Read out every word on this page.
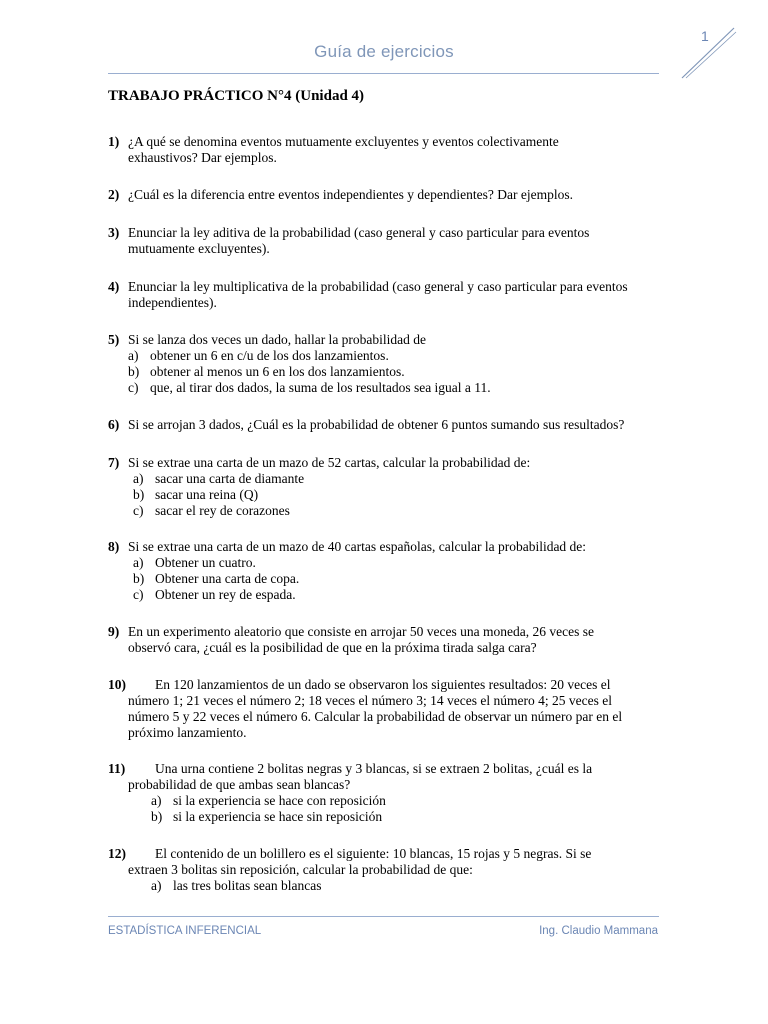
Guía de ejercicios
1
TRABAJO PRÁCTICO N°4 (Unidad 4)
1) ¿A qué se denomina eventos mutuamente excluyentes y eventos colectivamente
exhaustivos? Dar ejemplos.
2) ¿Cuál es la diferencia entre eventos independientes y dependientes? Dar ejemplos.
3) Enunciar la ley aditiva de la probabilidad (caso general y caso particular para eventos
mutuamente excluyentes).
4) Enunciar la ley multiplicativa de la probabilidad (caso general y caso particular para eventos
independientes).
5) Si se lanza dos veces un dado, hallar la probabilidad de
a) obtener un 6 en c/u de los dos lanzamientos.
b) obtener al menos un 6 en los dos lanzamientos.
c) que, al tirar dos dados, la suma de los resultados sea igual a 11.
6) Si se arrojan 3 dados, ¿Cuál es la probabilidad de obtener 6 puntos sumando sus resultados?
7) Si se extrae una carta de un mazo de 52 cartas, calcular la probabilidad de:
a) sacar una carta de diamante
b) sacar una reina (Q)
c) sacar el rey de corazones
8) Si se extrae una carta de un mazo de 40 cartas españolas, calcular la probabilidad de:
a) Obtener un cuatro.
b) Obtener una carta de copa.
c) Obtener un rey de espada.
9) En un experimento aleatorio que consiste en arrojar 50 veces una moneda, 26 veces se
observó cara, ¿cuál es la posibilidad de que en la próxima tirada salga cara?
10) En 120 lanzamientos de un dado se observaron los siguientes resultados: 20 veces el
número 1; 21 veces el número 2; 18 veces el número 3; 14 veces el número 4; 25 veces el
número 5 y 22 veces el número 6. Calcular la probabilidad de observar un número par en el
próximo lanzamiento.
11) Una urna contiene 2 bolitas negras y 3 blancas, si se extraen 2 bolitas, ¿cuál es la
probabilidad de que ambas sean blancas?
a) si la experiencia se hace con reposición
b) si la experiencia se hace sin reposición
12) El contenido de un bolillero es el siguiente: 10 blancas, 15 rojas y 5 negras. Si se
extraen 3 bolitas sin reposición, calcular la probabilidad de que:
a) las tres bolitas sean blancas
ESTADÍSTICA INFERENCIAL	Ing. Claudio Mammana
